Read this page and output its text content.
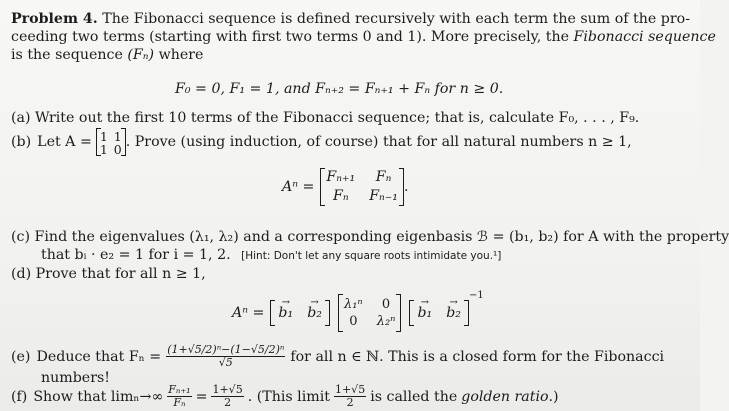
Problem 4. The Fibonacci sequence is defined recursively with each term the sum of the pro-
ceeding two terms (starting with first two terms 0 and 1). More precisely, the Fibonacci sequence
is the sequence (Fₙ) where
F₀ = 0, F₁ = 1, and Fₙ₊₂ = Fₙ₊₁ + Fₙ for n ≥ 0.
(a) Write out the first 10 terms of the Fibonacci sequence; that is, calculate F₀, . . . , F₉.
(b) Let A = 1 1
1 0 . Prove (using induction, of course) that for all natural numbers n ≥ 1,
Aⁿ =
Fₙ₊₁	Fₙ
Fₙ	Fₙ₋₁
.
(c) Find the eigenvalues (λ₁, λ₂) and a corresponding eigenbasis ℬ = (b₁, b₂) for A with the property
that bᵢ · e₂ = 1 for i = 1, 2. [Hint: Don't let any square roots intimidate you.¹]
(d) Prove that for all n ≥ 1,
Aⁿ = → b₁ → b₂
λ₁ⁿ	0
0	λ₂ⁿ
→ b₁ → b₂
−1
(e) Deduce that $F_n = \frac{\text{(1+√5/2)ⁿ−(1−√5/2)ⁿ}}{√5}$ for all n ∈ ℕ. This is a closed form for the Fibonacci
numbers!
(f) Show that $\lim_n\to\infty \frac{\text{Fₙ₊₁}}{\text{Fₙ}} = \frac{1+√5}{2}$ . (This limit $\frac{1+√5}{2}$ is called the golden ratio .)
